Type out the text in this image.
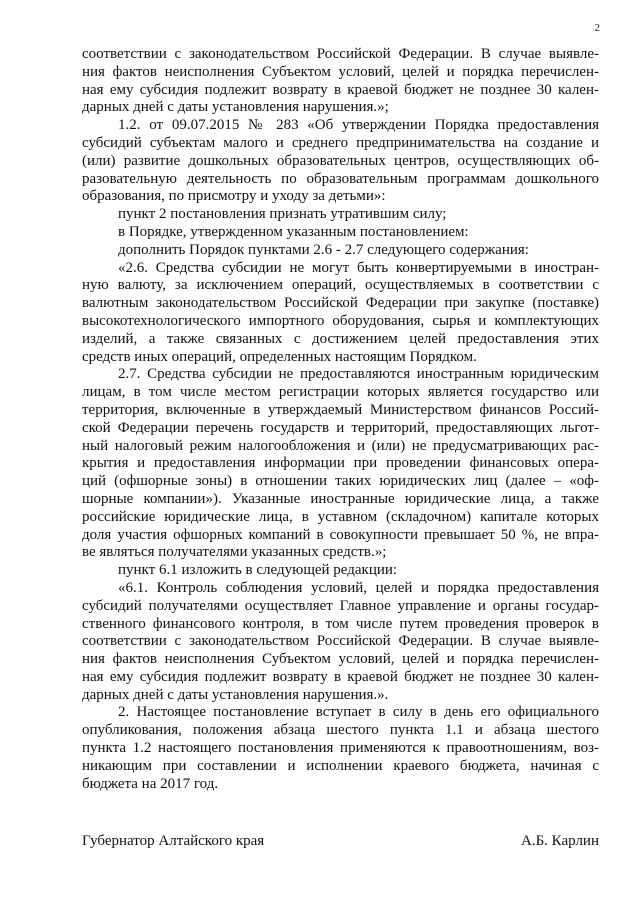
2
соответствии с законодательством Российской Федерации. В случае выявле-
ния фактов неисполнения Субъектом условий, целей и порядка перечислен-
ная ему субсидия подлежит возврату в краевой бюджет не позднее 30 кален-
дарных дней с даты установления нарушения.»;
1.2. от 09.07.2015 № 283 «Об утверждении Порядка предоставления
субсидий субъектам малого и среднего предпринимательства на создание и
(или) развитие дошкольных образовательных центров, осуществляющих об-
разовательную деятельность по образовательным программам дошкольного
образования, по присмотру и уходу за детьми»:
пункт 2 постановления признать утратившим силу;
в Порядке, утвержденном указанным постановлением:
дополнить Порядок пунктами 2.6 - 2.7 следующего содержания:
«2.6. Средства субсидии не могут быть конвертируемыми в иностран-
ную валюту, за исключением операций, осуществляемых в соответствии с
валютным законодательством Российской Федерации при закупке (поставке)
высокотехнологического импортного оборудования, сырья и комплектующих
изделий, а также связанных с достижением целей предоставления этих
средств иных операций, определенных настоящим Порядком.
2.7. Средства субсидии не предоставляются иностранным юридическим
лицам, в том числе местом регистрации которых является государство или
территория, включенные в утверждаемый Министерством финансов Россий-
ской Федерации перечень государств и территорий, предоставляющих льгот-
ный налоговый режим налогообложения и (или) не предусматривающих рас-
крытия и предоставления информации при проведении финансовых опера-
ций (офшорные зоны) в отношении таких юридических лиц (далее – «оф-
шорные компании»). Указанные иностранные юридические лица, а также
российские юридические лица, в уставном (складочном) капитале которых
доля участия офшорных компаний в совокупности превышает 50 %, не впра-
ве являться получателями указанных средств.»;
пункт 6.1 изложить в следующей редакции:
«6.1. Контроль соблюдения условий, целей и порядка предоставления
субсидий получателями осуществляет Главное управление и органы государ-
ственного финансового контроля, в том числе путем проведения проверок в
соответствии с законодательством Российской Федерации. В случае выявле-
ния фактов неисполнения Субъектом условий, целей и порядка перечислен-
ная ему субсидия подлежит возврату в краевой бюджет не позднее 30 кален-
дарных дней с даты установления нарушения.».
2. Настоящее постановление вступает в силу в день его официального
опубликования, положения абзаца шестого пункта 1.1 и абзаца шестого
пункта 1.2 настоящего постановления применяются к правоотношениям, воз-
никающим при составлении и исполнении краевого бюджета, начиная с
бюджета на 2017 год.
Губернатор Алтайского края	А.Б. Карлин
